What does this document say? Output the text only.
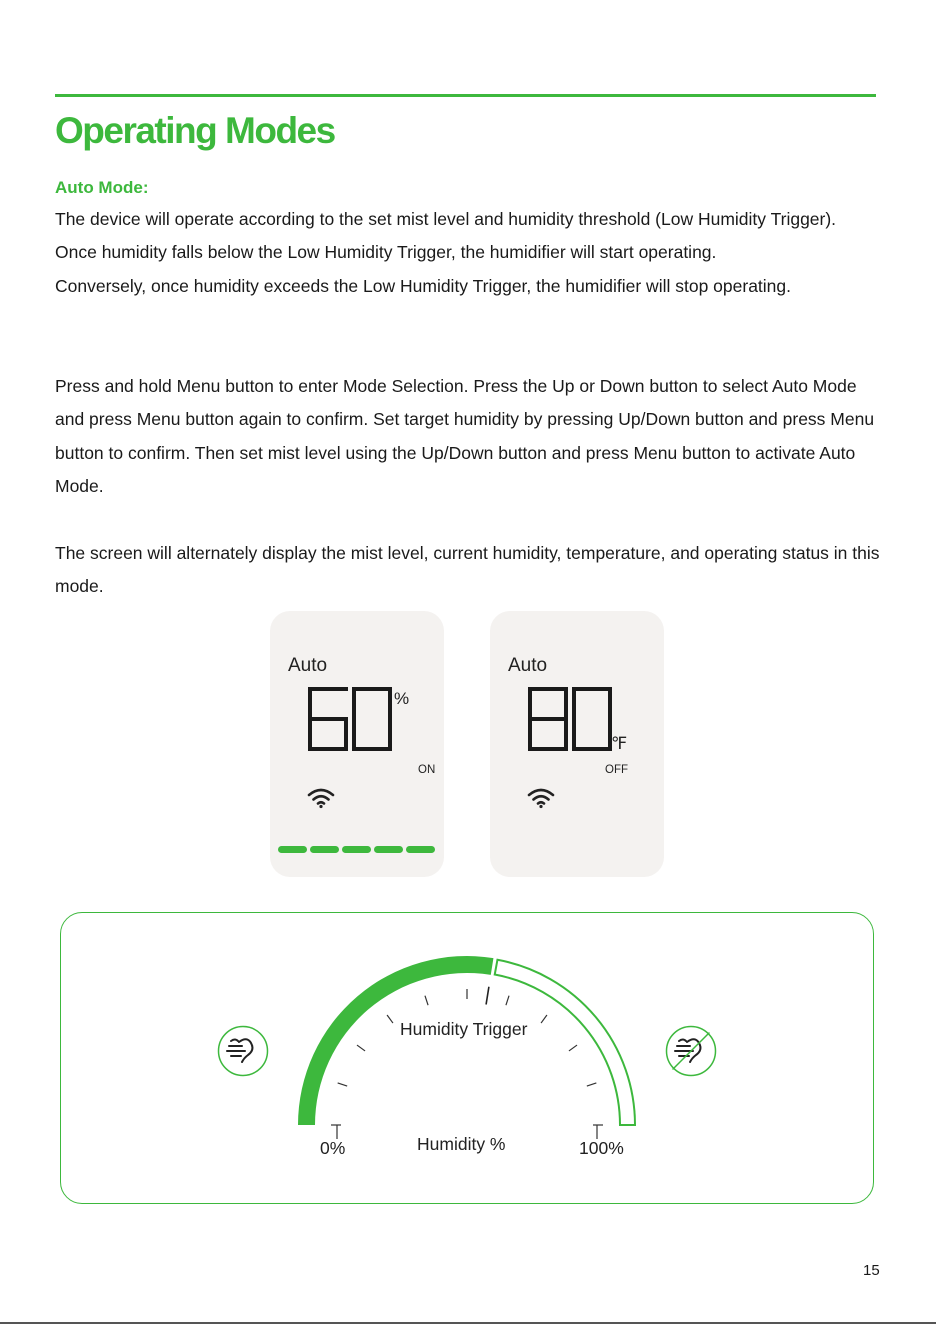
Operating Modes
Auto Mode:

The device will operate according to the set mist level and humidity threshold (Low Humidity Trigger).

Once humidity falls below the Low Humidity Trigger, the humidifier will start operating.

Conversely, once humidity exceeds the Low Humidity Trigger, the humidifier will stop operating.

Press and hold Menu button to enter Mode Selection. Press the Up or Down button to select Auto Mode and press Menu button again to confirm. Set target humidity by pressing Up/Down button and press Menu button to confirm. Then set mist level using the Up/Down button and press Menu button to activate Auto Mode.
The screen will alternately display the mist level, current humidity, temperature, and operating status in this mode.
Auto
%
ON
Auto
℉
OFF
Humidity Trigger
Humidity %
0%	100%
15
